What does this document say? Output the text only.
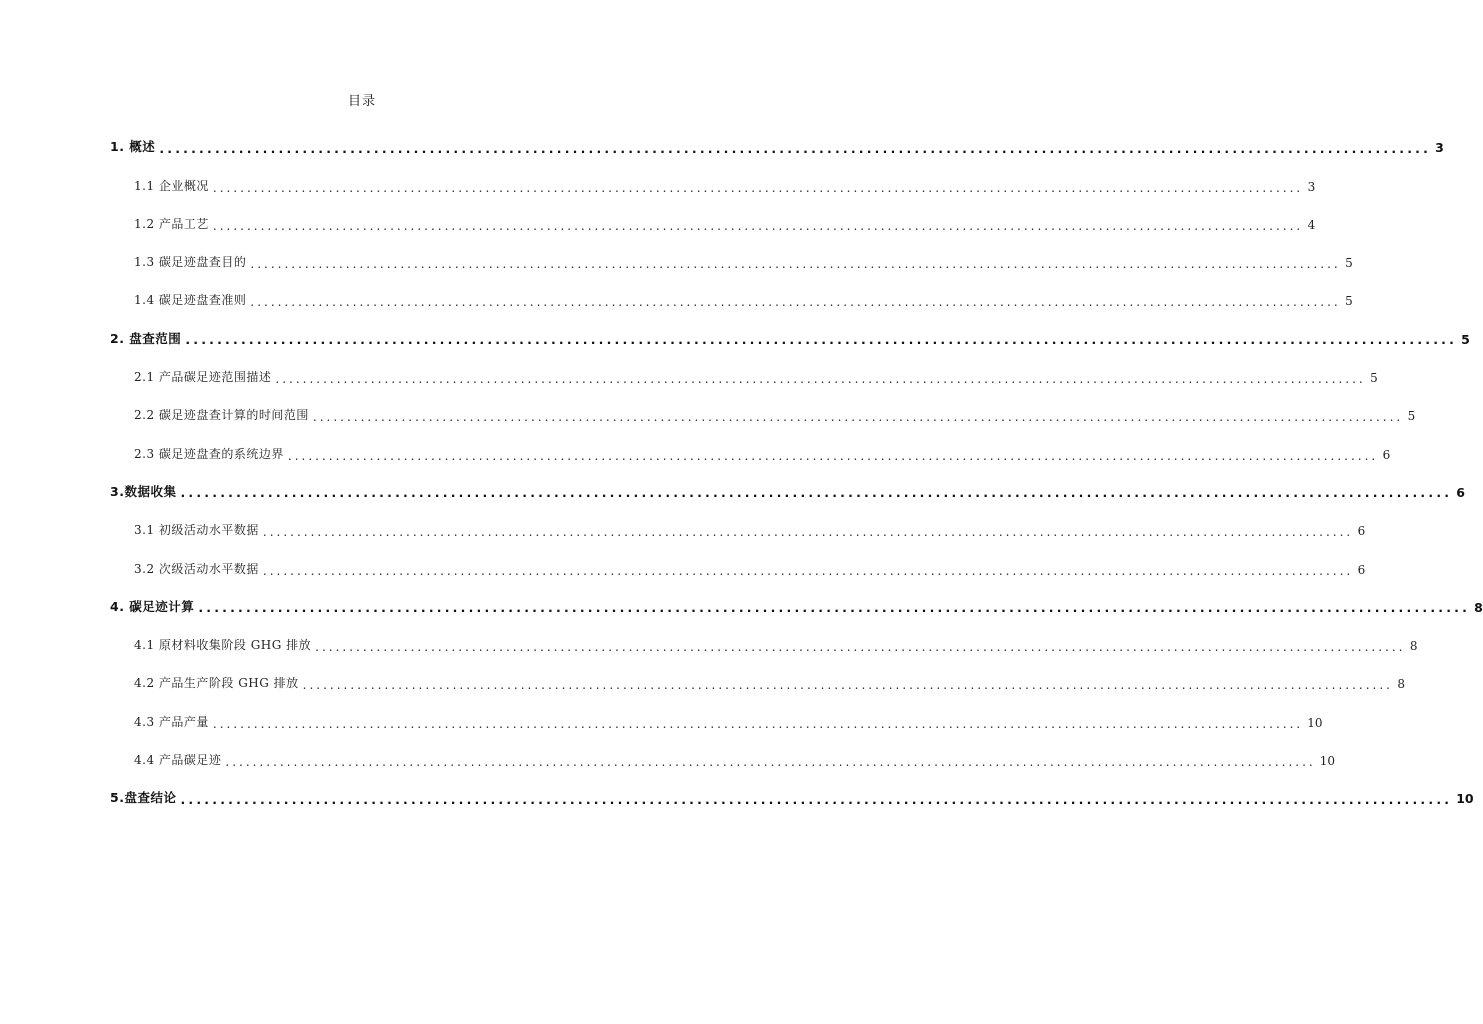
目录
1. 概述 ................................................................................................................................................................ 3
1.1 企业概况 ................................................................................................................................................................ 3
1.2 产品工艺 ................................................................................................................................................................ 4
1.3 碳足迹盘查目的 ................................................................................................................................................................ 5
1.4 碳足迹盘查准则 ................................................................................................................................................................ 5
2. 盘查范围 ................................................................................................................................................................ 5
2.1 产品碳足迹范围描述 ................................................................................................................................................................ 5
2.2 碳足迹盘查计算的时间范围 ................................................................................................................................................................ 5
2.3 碳足迹盘查的系统边界 ................................................................................................................................................................ 6
3.数据收集 ................................................................................................................................................................ 6
3.1 初级活动水平数据 ................................................................................................................................................................ 6
3.2 次级活动水平数据 ................................................................................................................................................................ 6
4. 碳足迹计算 ................................................................................................................................................................ 8
4.1 原材料收集阶段 GHG 排放 ................................................................................................................................................................ 8
4.2 产品生产阶段 GHG 排放 ................................................................................................................................................................ 8
4.3 产品产量 ................................................................................................................................................................ 10
4.4 产品碳足迹 ................................................................................................................................................................ 10
5.盘查结论 ................................................................................................................................................................ 10
